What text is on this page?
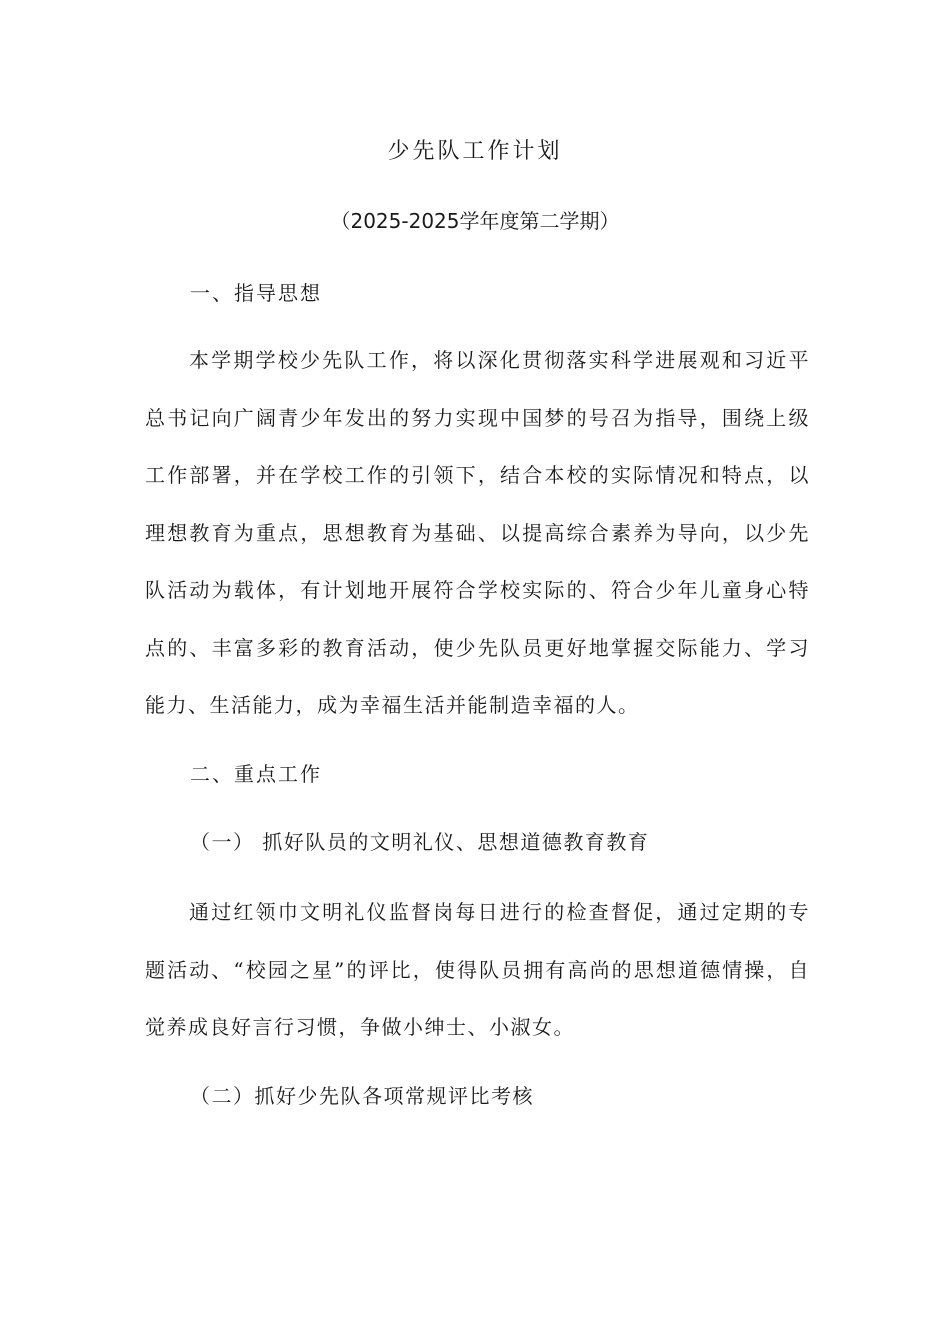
少先队工作计划
（2025-2025学年度第二学期）
一、指导思想

本学期学校少先队工作，将以深化贯彻落实科学进展观和习近平总书记向广阔青少年发出的努力实现中国梦的号召为指导，围绕上级工作部署，并在学校工作的引领下，结合本校的实际情况和特点，以理想教育为重点，思想教育为基础、以提高综合素养为导向，以少先队活动为载体，有计划地开展符合学校实际的、符合少年儿童身心特点的、丰富多彩的教育活动，使少先队员更好地掌握交际能力、学习能力、生活能力，成为幸福生活并能制造幸福的人。

二、重点工作
（一） 抓好队员的文明礼仪、思想道德教育教育

通过红领巾文明礼仪监督岗每日进行的检查督促，通过定期的专题活动、“校园之星”的评比，使得队员拥有高尚的思想道德情操，自觉养成良好言行习惯，争做小绅士、小淑女。

（二）抓好少先队各项常规评比考核
